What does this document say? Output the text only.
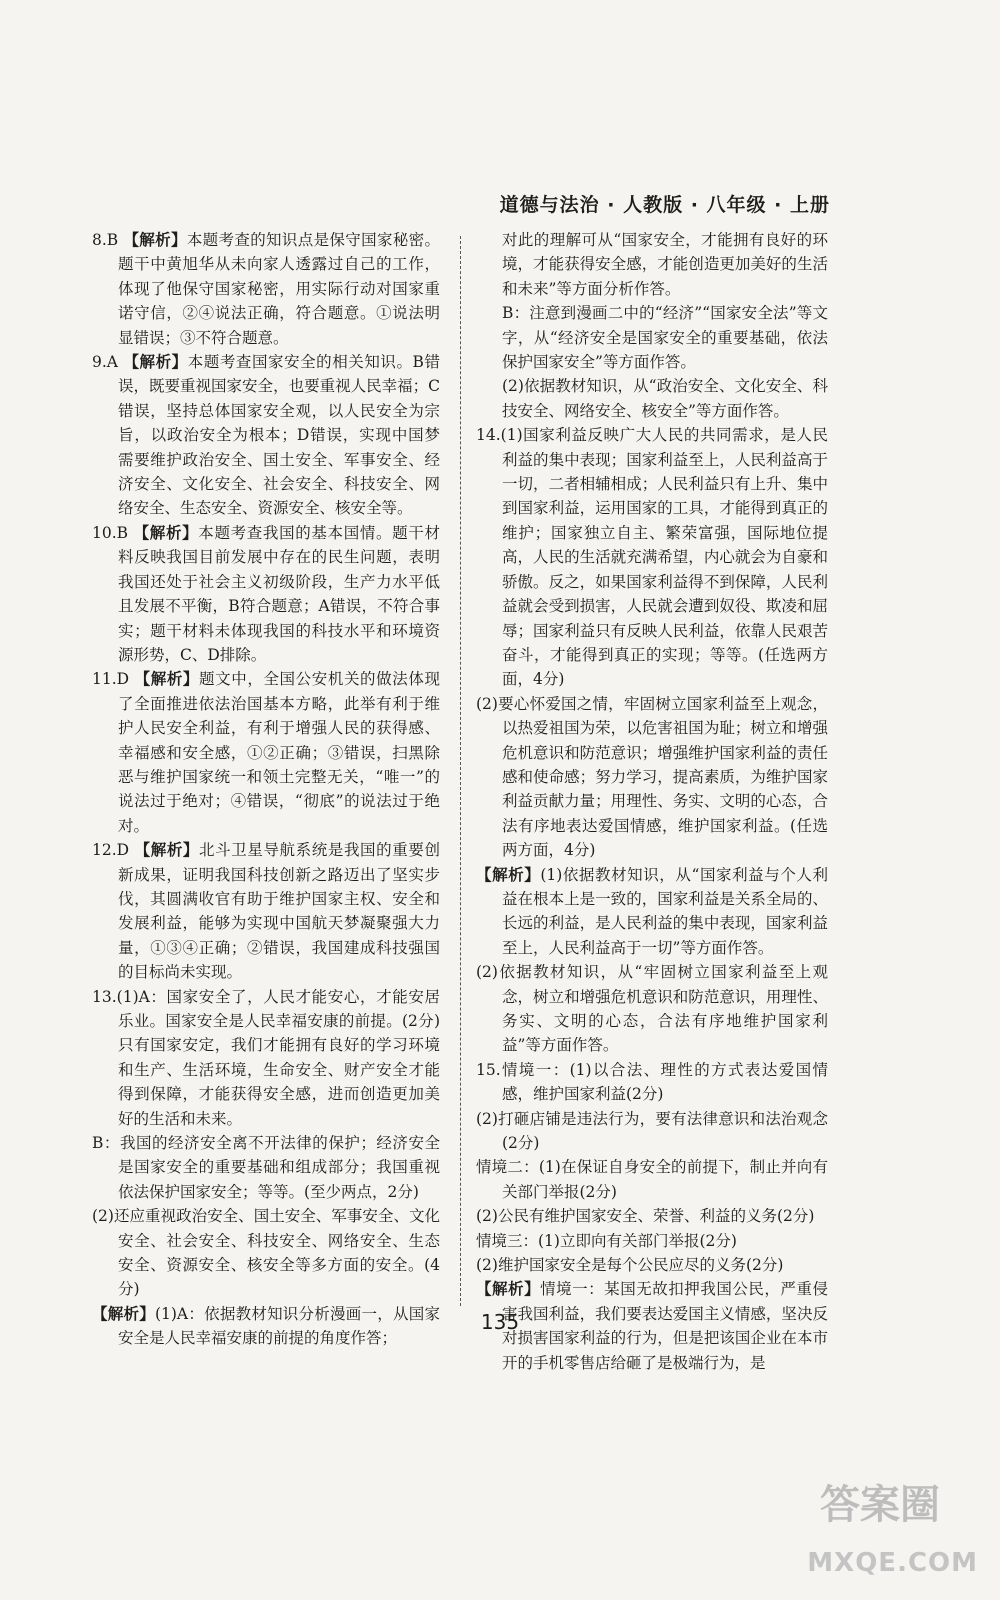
道德与法治 · 人教版 · 八年级 · 上册
8.B 【解析】本题考查的知识点是保守国家秘密。题干中黄旭华从未向家人透露过自己的工作，体现了他保守国家秘密，用实际行动对国家重诺守信，②④说法正确，符合题意。①说法明显错误；③不符合题意。
9.A 【解析】本题考查国家安全的相关知识。B错误，既要重视国家安全，也要重视人民幸福；C错误，坚持总体国家安全观，以人民安全为宗旨，以政治安全为根本；D错误，实现中国梦需要维护政治安全、国土安全、军事安全、经济安全、文化安全、社会安全、科技安全、网络安全、生态安全、资源安全、核安全等。
10.B 【解析】本题考查我国的基本国情。题干材料反映我国目前发展中存在的民生问题，表明我国还处于社会主义初级阶段，生产力水平低且发展不平衡，B符合题意；A错误，不符合事实；题干材料未体现我国的科技水平和环境资源形势，C、D排除。
11.D 【解析】题文中，全国公安机关的做法体现了全面推进依法治国基本方略，此举有利于维护人民安全利益，有利于增强人民的获得感、幸福感和安全感，①②正确；③错误，扫黑除恶与维护国家统一和领土完整无关，“唯一”的说法过于绝对；④错误，“彻底”的说法过于绝对。
12.D 【解析】北斗卫星导航系统是我国的重要创新成果，证明我国科技创新之路迈出了坚实步伐，其圆满收官有助于维护国家主权、安全和发展利益，能够为实现中国航天梦凝聚强大力量，①③④正确；②错误，我国建成科技强国的目标尚未实现。
13.(1)A：国家安全了，人民才能安心，才能安居乐业。国家安全是人民幸福安康的前提。(2分)只有国家安定，我们才能拥有良好的学习环境和生产、生活环境，生命安全、财产安全才能得到保障，才能获得安全感，进而创造更加美好的生活和未来。
B：我国的经济安全离不开法律的保护；经济安全是国家安全的重要基础和组成部分；我国重视依法保护国家安全；等等。(至少两点，2分)
(2)还应重视政治安全、国土安全、军事安全、文化安全、社会安全、科技安全、网络安全、生态安全、资源安全、核安全等多方面的安全。(4分)
【解析】(1)A：依据教材知识分析漫画一，从国家安全是人民幸福安康的前提的角度作答；
对此的理解可从“国家安全，才能拥有良好的环境，才能获得安全感，才能创造更加美好的生活和未来”等方面分析作答。
B：注意到漫画二中的“经济”“国家安全法”等文字，从“经济安全是国家安全的重要基础，依法保护国家安全”等方面作答。
(2)依据教材知识，从“政治安全、文化安全、科技安全、网络安全、核安全”等方面作答。
14.(1)国家利益反映广大人民的共同需求，是人民利益的集中表现；国家利益至上，人民利益高于一切，二者相辅相成；人民利益只有上升、集中到国家利益，运用国家的工具，才能得到真正的维护；国家独立自主、繁荣富强，国际地位提高，人民的生活就充满希望，内心就会为自豪和骄傲。反之，如果国家利益得不到保障，人民利益就会受到损害，人民就会遭到奴役、欺凌和屈辱；国家利益只有反映人民利益，依靠人民艰苦奋斗，才能得到真正的实现；等等。(任选两方面，4分)
(2)要心怀爱国之情，牢固树立国家利益至上观念，以热爱祖国为荣，以危害祖国为耻；树立和增强危机意识和防范意识；增强维护国家利益的责任感和使命感；努力学习，提高素质，为维护国家利益贡献力量；用理性、务实、文明的心态，合法有序地表达爱国情感，维护国家利益。(任选两方面，4分)
【解析】(1)依据教材知识，从“国家利益与个人利益在根本上是一致的，国家利益是关系全局的、长远的利益，是人民利益的集中表现，国家利益至上，人民利益高于一切”等方面作答。
(2)依据教材知识，从“牢固树立国家利益至上观念，树立和增强危机意识和防范意识，用理性、务实、文明的心态，合法有序地维护国家利益”等方面作答。
15.情境一：(1)以合法、理性的方式表达爱国情感，维护国家利益(2分)
(2)打砸店铺是违法行为，要有法律意识和法治观念(2分)
情境二：(1)在保证自身安全的前提下，制止并向有关部门举报(2分)
(2)公民有维护国家安全、荣誉、利益的义务(2分)
情境三：(1)立即向有关部门举报(2分)
(2)维护国家安全是每个公民应尽的义务(2分)
【解析】情境一：某国无故扣押我国公民，严重侵害我国利益，我们要表达爱国主义情感，坚决反对损害国家利益的行为，但是把该国企业在本市开的手机零售店给砸了是极端行为，是
135
答案圈
MXQE.COM
